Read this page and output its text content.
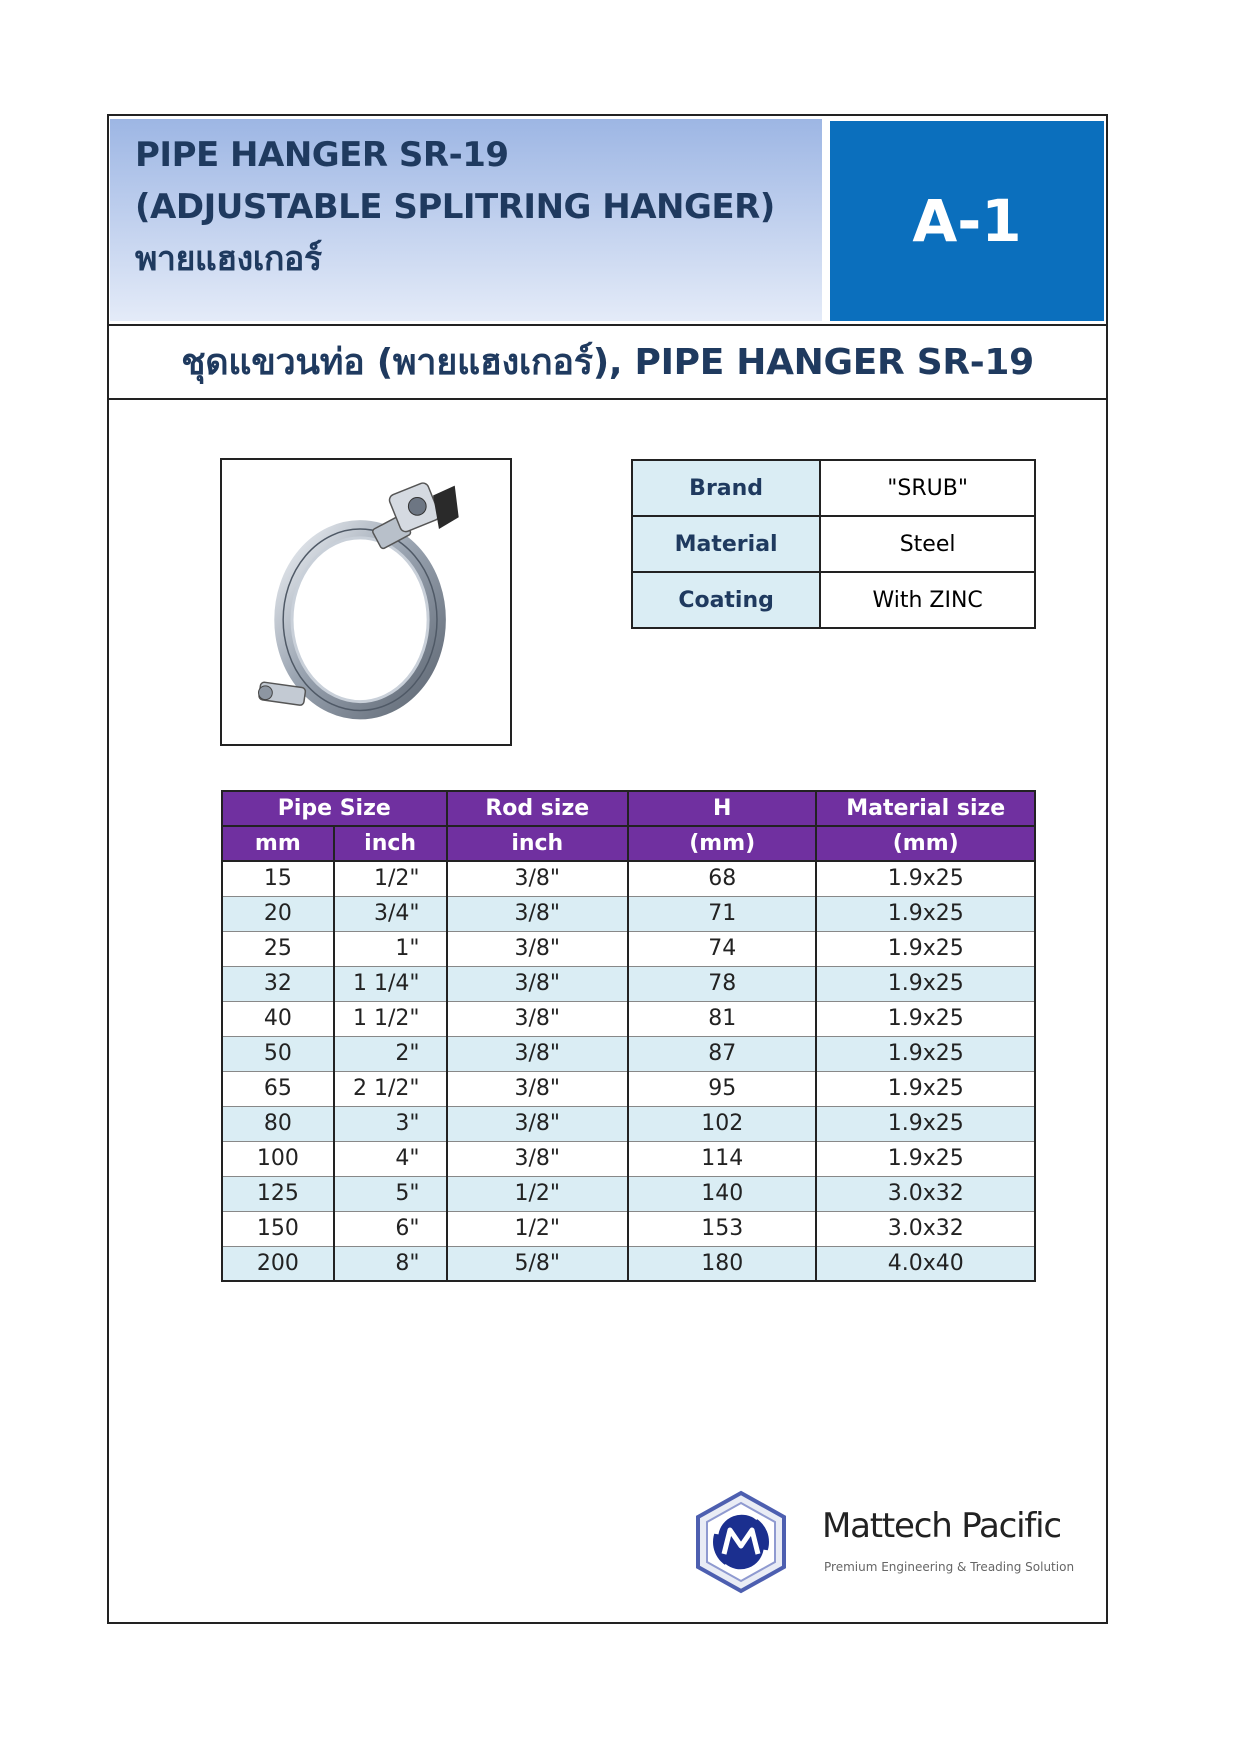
PIPE HANGER SR-19
(ADJUSTABLE SPLITRING HANGER)
พายแฮงเกอร์
A-1
ชุดแขวนท่อ (พายแฮงเกอร์), PIPE HANGER SR-19
Brand	"SRUB"
Material	Steel
Coating	With ZINC
Pipe Size		Rod size	H	Material size
mm	inch	inch	(mm)	(mm)
15	1/2"	3/8"	68	1.9x25
20	3/4"	3/8"	71	1.9x25
25	1"	3/8"	74	1.9x25
32	1 1/4"	3/8"	78	1.9x25
40	1 1/2"	3/8"	81	1.9x25
50	2"	3/8"	87	1.9x25
65	2 1/2"	3/8"	95	1.9x25
80	3"	3/8"	102	1.9x25
100	4"	3/8"	114	1.9x25
125	5"	1/2"	140	3.0x32
150	6"	1/2"	153	3.0x32
200	8"	5/8"	180	4.0x40
Mattech Pacific
Premium Engineering & Treading Solution
